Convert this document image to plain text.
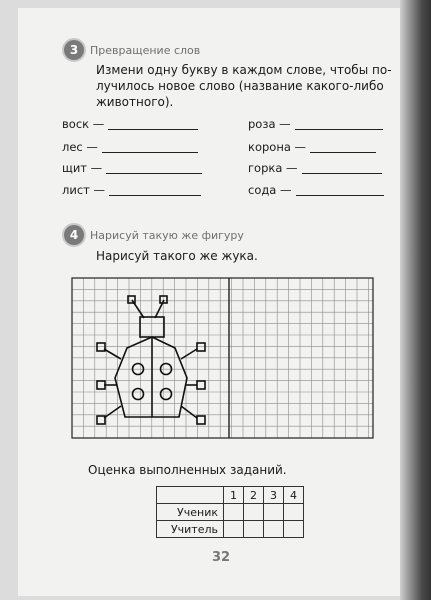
3	Превращение слов
Измени одну букву в каждом слове, чтобы по-
лучилось новое слово (название какого-либо
животного).
воск —
лес —
щит —
лист —
роза —
корона —
горка —
сода —
4	Нарисуй такую же фигуру
Нарисуй такого же жука.
Оценка выполненных заданий.
	1	2	3	4
Ученик				
Учитель				
32
